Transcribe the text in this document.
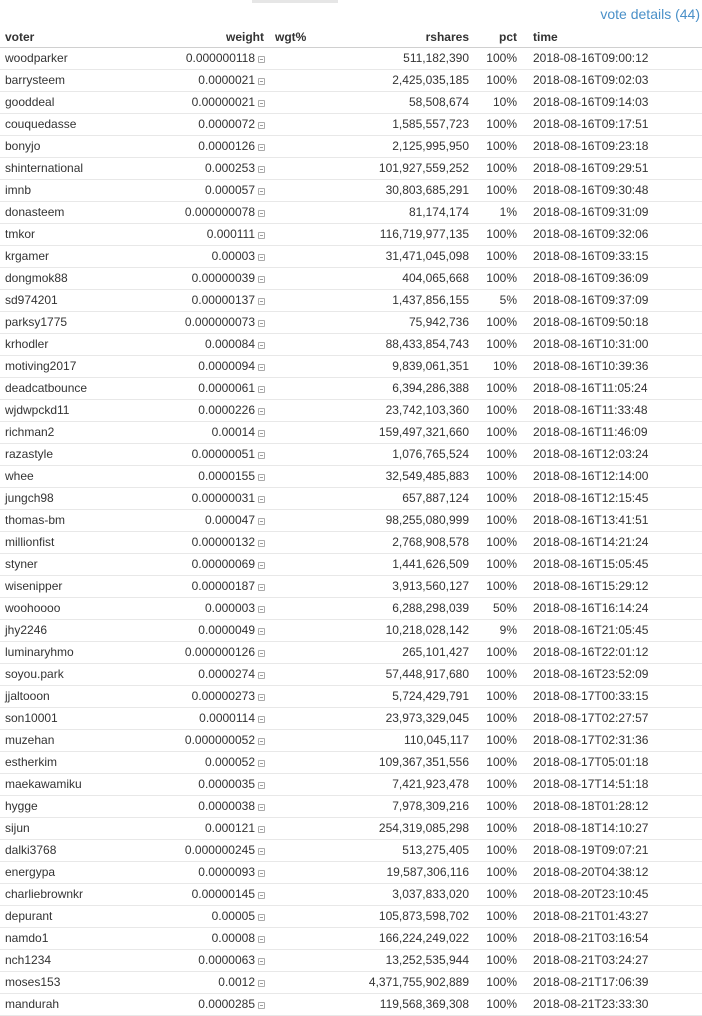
vote details (44)
voter	weight	wgt%	rshares	pct	time
woodparker	0.000000118		511,182,390	100%	2018-08-16T09:00:12
barrysteem	0.0000021		2,425,035,185	100%	2018-08-16T09:02:03
gooddeal	0.00000021		58,508,674	10%	2018-08-16T09:14:03
couquedasse	0.0000072		1,585,557,723	100%	2018-08-16T09:17:51
bonyjo	0.0000126		2,125,995,950	100%	2018-08-16T09:23:18
shinternational	0.000253		101,927,559,252	100%	2018-08-16T09:29:51
imnb	0.000057		30,803,685,291	100%	2018-08-16T09:30:48
donasteem	0.000000078		81,174,174	1%	2018-08-16T09:31:09
tmkor	0.000111		116,719,977,135	100%	2018-08-16T09:32:06
krgamer	0.00003		31,471,045,098	100%	2018-08-16T09:33:15
dongmok88	0.00000039		404,065,668	100%	2018-08-16T09:36:09
sd974201	0.00000137		1,437,856,155	5%	2018-08-16T09:37:09
parksy1775	0.000000073		75,942,736	100%	2018-08-16T09:50:18
krhodler	0.000084		88,433,854,743	100%	2018-08-16T10:31:00
motiving2017	0.0000094		9,839,061,351	10%	2018-08-16T10:39:36
deadcatbounce	0.0000061		6,394,286,388	100%	2018-08-16T11:05:24
wjdwpckd11	0.0000226		23,742,103,360	100%	2018-08-16T11:33:48
richman2	0.00014		159,497,321,660	100%	2018-08-16T11:46:09
razastyle	0.00000051		1,076,765,524	100%	2018-08-16T12:03:24
whee	0.0000155		32,549,485,883	100%	2018-08-16T12:14:00
jungch98	0.00000031		657,887,124	100%	2018-08-16T12:15:45
thomas-bm	0.000047		98,255,080,999	100%	2018-08-16T13:41:51
millionfist	0.00000132		2,768,908,578	100%	2018-08-16T14:21:24
styner	0.00000069		1,441,626,509	100%	2018-08-16T15:05:45
wisenipper	0.00000187		3,913,560,127	100%	2018-08-16T15:29:12
woohoooo	0.000003		6,288,298,039	50%	2018-08-16T16:14:24
jhy2246	0.0000049		10,218,028,142	9%	2018-08-16T21:05:45
luminaryhmo	0.000000126		265,101,427	100%	2018-08-16T22:01:12
soyou.park	0.0000274		57,448,917,680	100%	2018-08-16T23:52:09
jjaltooon	0.00000273		5,724,429,791	100%	2018-08-17T00:33:15
son10001	0.0000114		23,973,329,045	100%	2018-08-17T02:27:57
muzehan	0.000000052		110,045,117	100%	2018-08-17T02:31:36
estherkim	0.000052		109,367,351,556	100%	2018-08-17T05:01:18
maekawamiku	0.0000035		7,421,923,478	100%	2018-08-17T14:51:18
hygge	0.0000038		7,978,309,216	100%	2018-08-18T01:28:12
sijun	0.000121		254,319,085,298	100%	2018-08-18T14:10:27
dalki3768	0.000000245		513,275,405	100%	2018-08-19T09:07:21
energypa	0.0000093		19,587,306,116	100%	2018-08-20T04:38:12
charliebrownkr	0.00000145		3,037,833,020	100%	2018-08-20T23:10:45
depurant	0.00005		105,873,598,702	100%	2018-08-21T01:43:27
namdo1	0.00008		166,224,249,022	100%	2018-08-21T03:16:54
nch1234	0.0000063		13,252,535,944	100%	2018-08-21T03:24:27
moses153	0.0012		4,371,755,902,889	100%	2018-08-21T17:06:39
mandurah	0.0000285		119,568,369,308	100%	2018-08-21T23:33:30
